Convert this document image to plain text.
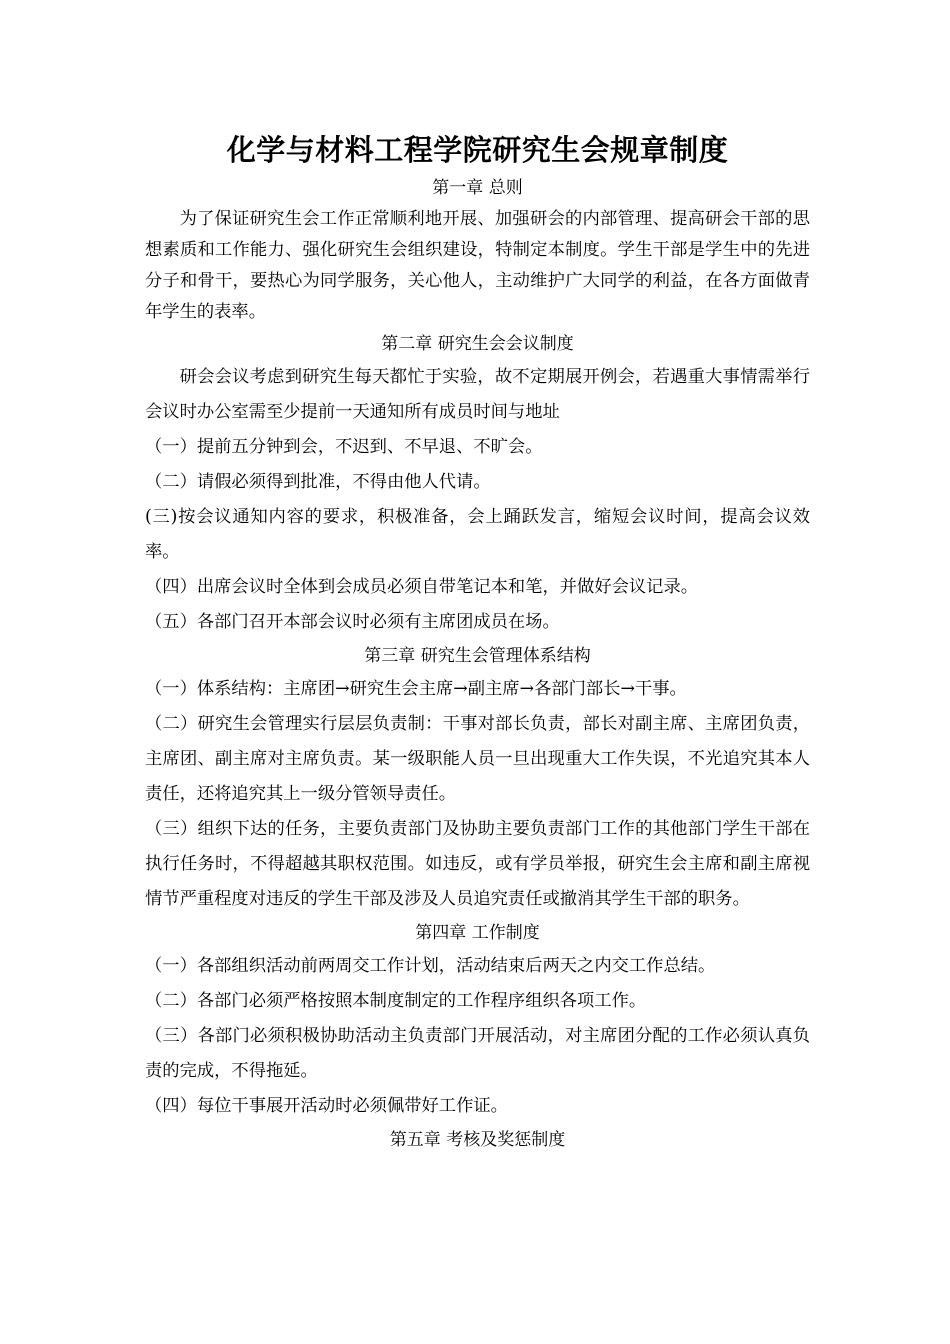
化学与材料工程学院研究生会规章制度
第一章 总则

为了保证研究生会工作正常顺利地开展、加强研会的内部管理、提高研会干部的思想素质和工作能力、强化研究生会组织建设，特制定本制度。学生干部是学生中的先进分子和骨干，要热心为同学服务，关心他人，主动维护广大同学的利益，在各方面做青年学生的表率。

第二章 研究生会会议制度

研会会议考虑到研究生每天都忙于实验，故不定期展开例会，若遇重大事情需举行会议时办公室需至少提前一天通知所有成员时间与地址

（一）提前五分钟到会，不迟到、不早退、不旷会。

（二）请假必须得到批准，不得由他人代请。

(三)按会议通知内容的要求，积极准备，会上踊跃发言，缩短会议时间，提高会议效率。

（四）出席会议时全体到会成员必须自带笔记本和笔，并做好会议记录。

（五）各部门召开本部会议时必须有主席团成员在场。

第三章 研究生会管理体系结构

（一）体系结构：主席团→研究生会主席→副主席→各部门部长→干事。

（二）研究生会管理实行层层负责制：干事对部长负责，部长对副主席、主席团负责，主席团、副主席对主席负责。某一级职能人员一旦出现重大工作失误，不光追究其本人责任，还将追究其上一级分管领导责任。

（三）组织下达的任务，主要负责部门及协助主要负责部门工作的其他部门学生干部在执行任务时，不得超越其职权范围。如违反，或有学员举报，研究生会主席和副主席视情节严重程度对违反的学生干部及涉及人员追究责任或撤消其学生干部的职务。

第四章 工作制度

（一）各部组织活动前两周交工作计划，活动结束后两天之内交工作总结。

（二）各部门必须严格按照本制度制定的工作程序组织各项工作。

（三）各部门必须积极协助活动主负责部门开展活动，对主席团分配的工作必须认真负责的完成，不得拖延。

（四）每位干事展开活动时必须佩带好工作证。

第五章 考核及奖惩制度
